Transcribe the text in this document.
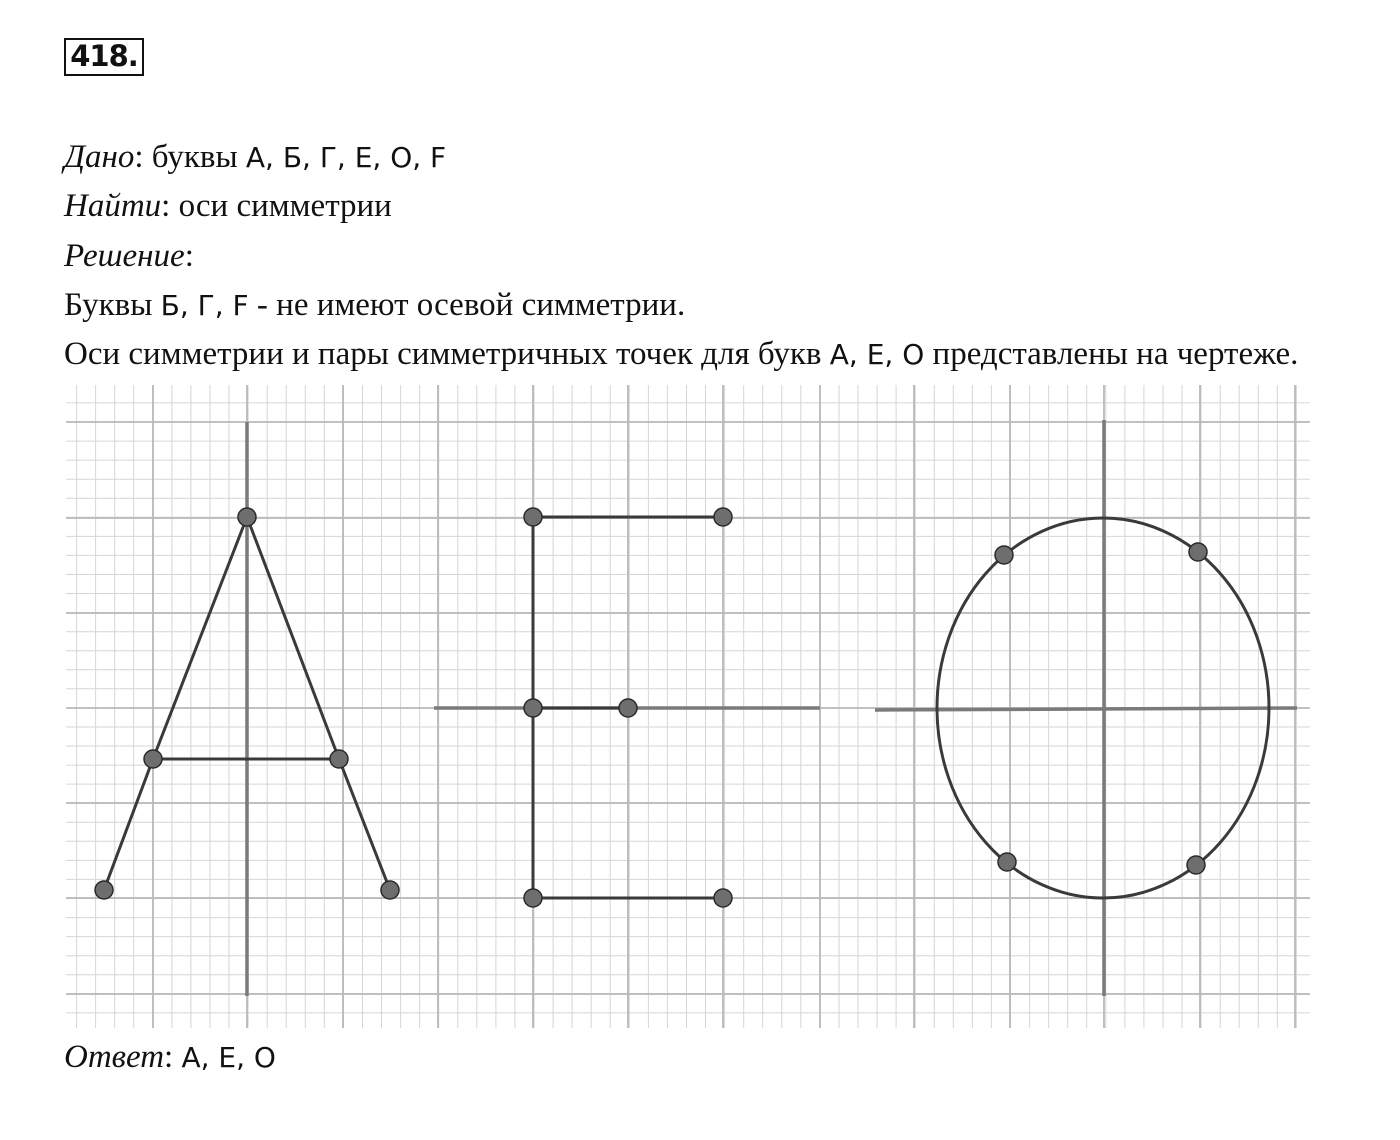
418.
Дано: буквы А, Б, Г, Е, О, F
Найти: оси симметрии
Решение:
Буквы Б, Г, F - не имеют осевой симметрии.
Оси симметрии и пары симметричных точек для букв А, Е, О представлены на чертеже.
Ответ: А, Е, О
